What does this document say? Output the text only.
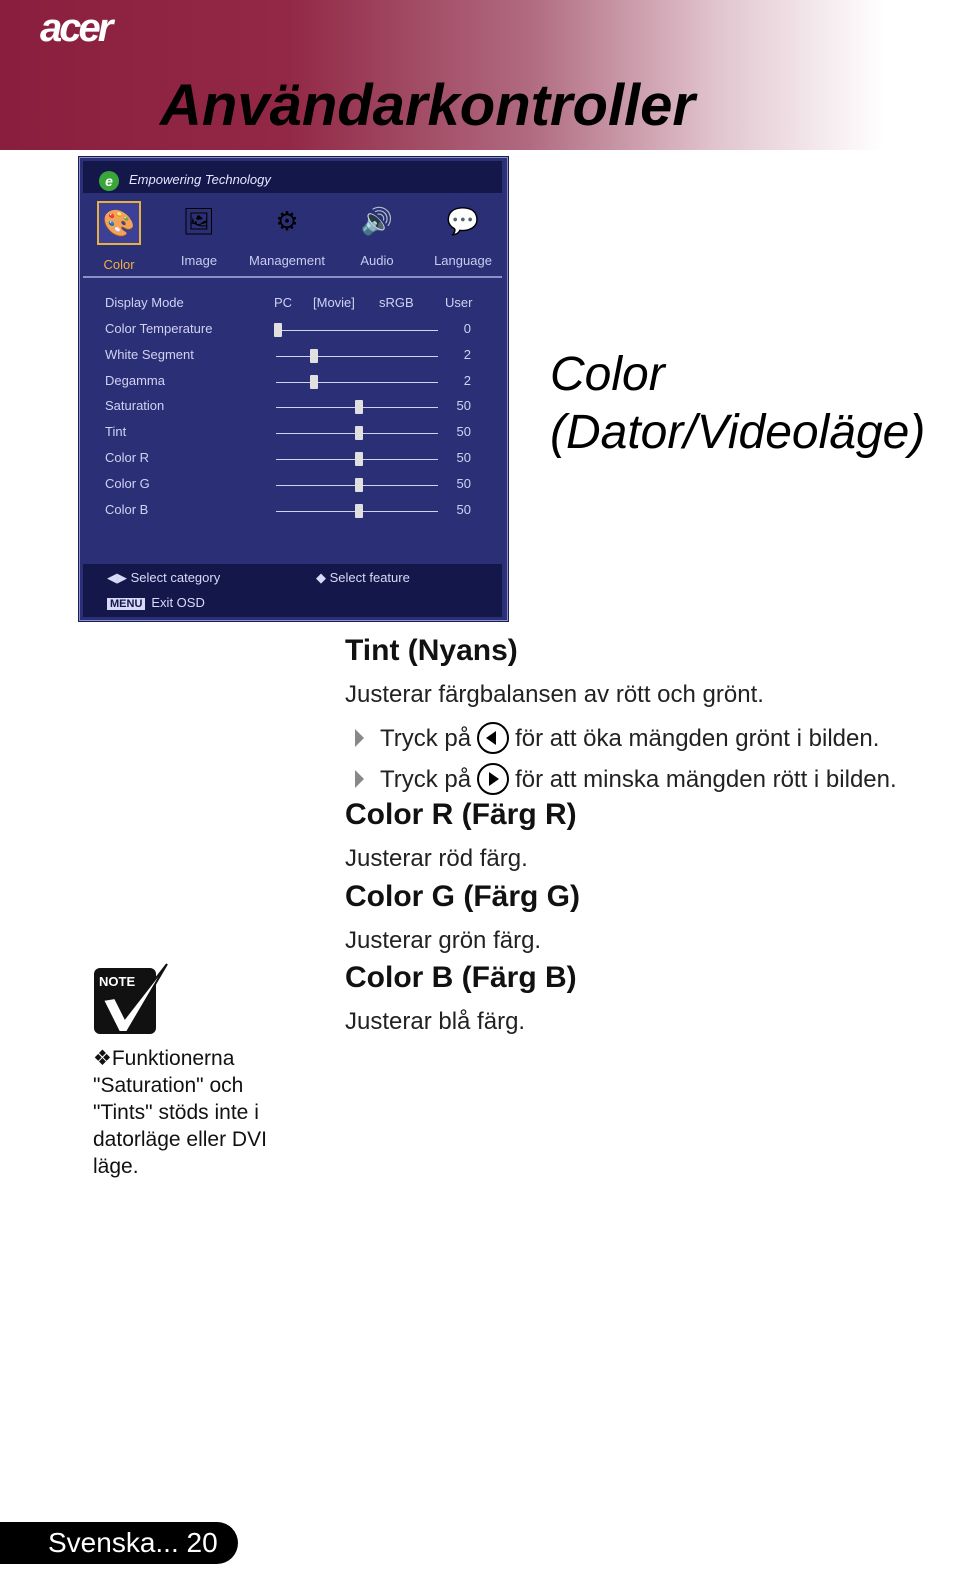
acer
Användarkontroller
e	Empowering Technology
🎨
Color
🖼
Image
⚙
Management
🔊
Audio
💬
Language
Display Mode	PC [Movie] sRGB User
Color Temperature	0
White Segment	2
Degamma	2
Saturation	50
Tint	50
Color R	50
Color G	50
Color B	50
◀▶ Select category	◆ Select feature
MENU Exit OSD
Color
(Dator/Videoläge)
Tint (Nyans)
Justerar färgbalansen av rött och grönt.
Tryck på för att öka mängden grönt i bilden.
Tryck på för att minska mängden rött i bilden.
Color R (Färg R)
Justerar röd färg.
Color G (Färg G)
Justerar grön färg.
Color B (Färg B)
Justerar blå färg.
NOTE
❖Funktionerna "Saturation" och "Tints" stöds inte i datorläge eller DVI läge.
Svenska... 20
